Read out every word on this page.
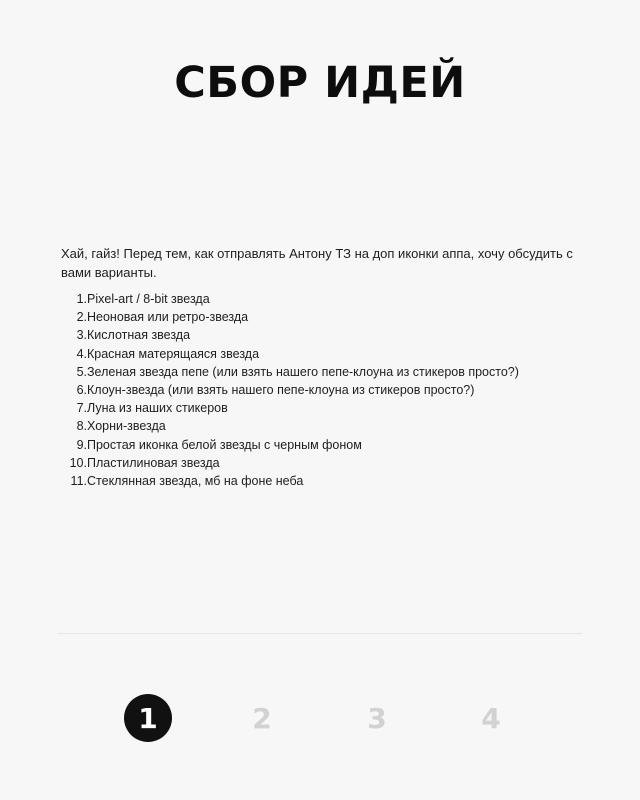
СБОР ИДЕЙ

Хай, гайз! Перед тем, как отправлять Антону ТЗ на доп иконки аппа, хочу обсудить с вами варианты.

1. Pixel-art / 8-bit звезда
2. Неоновая или ретро-звезда
3. Кислотная звезда
4. Красная матерящаяся звезда
5. Зеленая звезда пепе (или взять нашего пепе-клоуна из стикеров просто?)
6. Клоун-звезда (или взять нашего пепе-клоуна из стикеров просто?)
7. Луна из наших стикеров
8. Хорни-звезда
9. Простая иконка белой звезды с черным фоном
10. Пластилиновая звезда
11. Стеклянная звезда, мб на фоне неба
1	2	3	4
